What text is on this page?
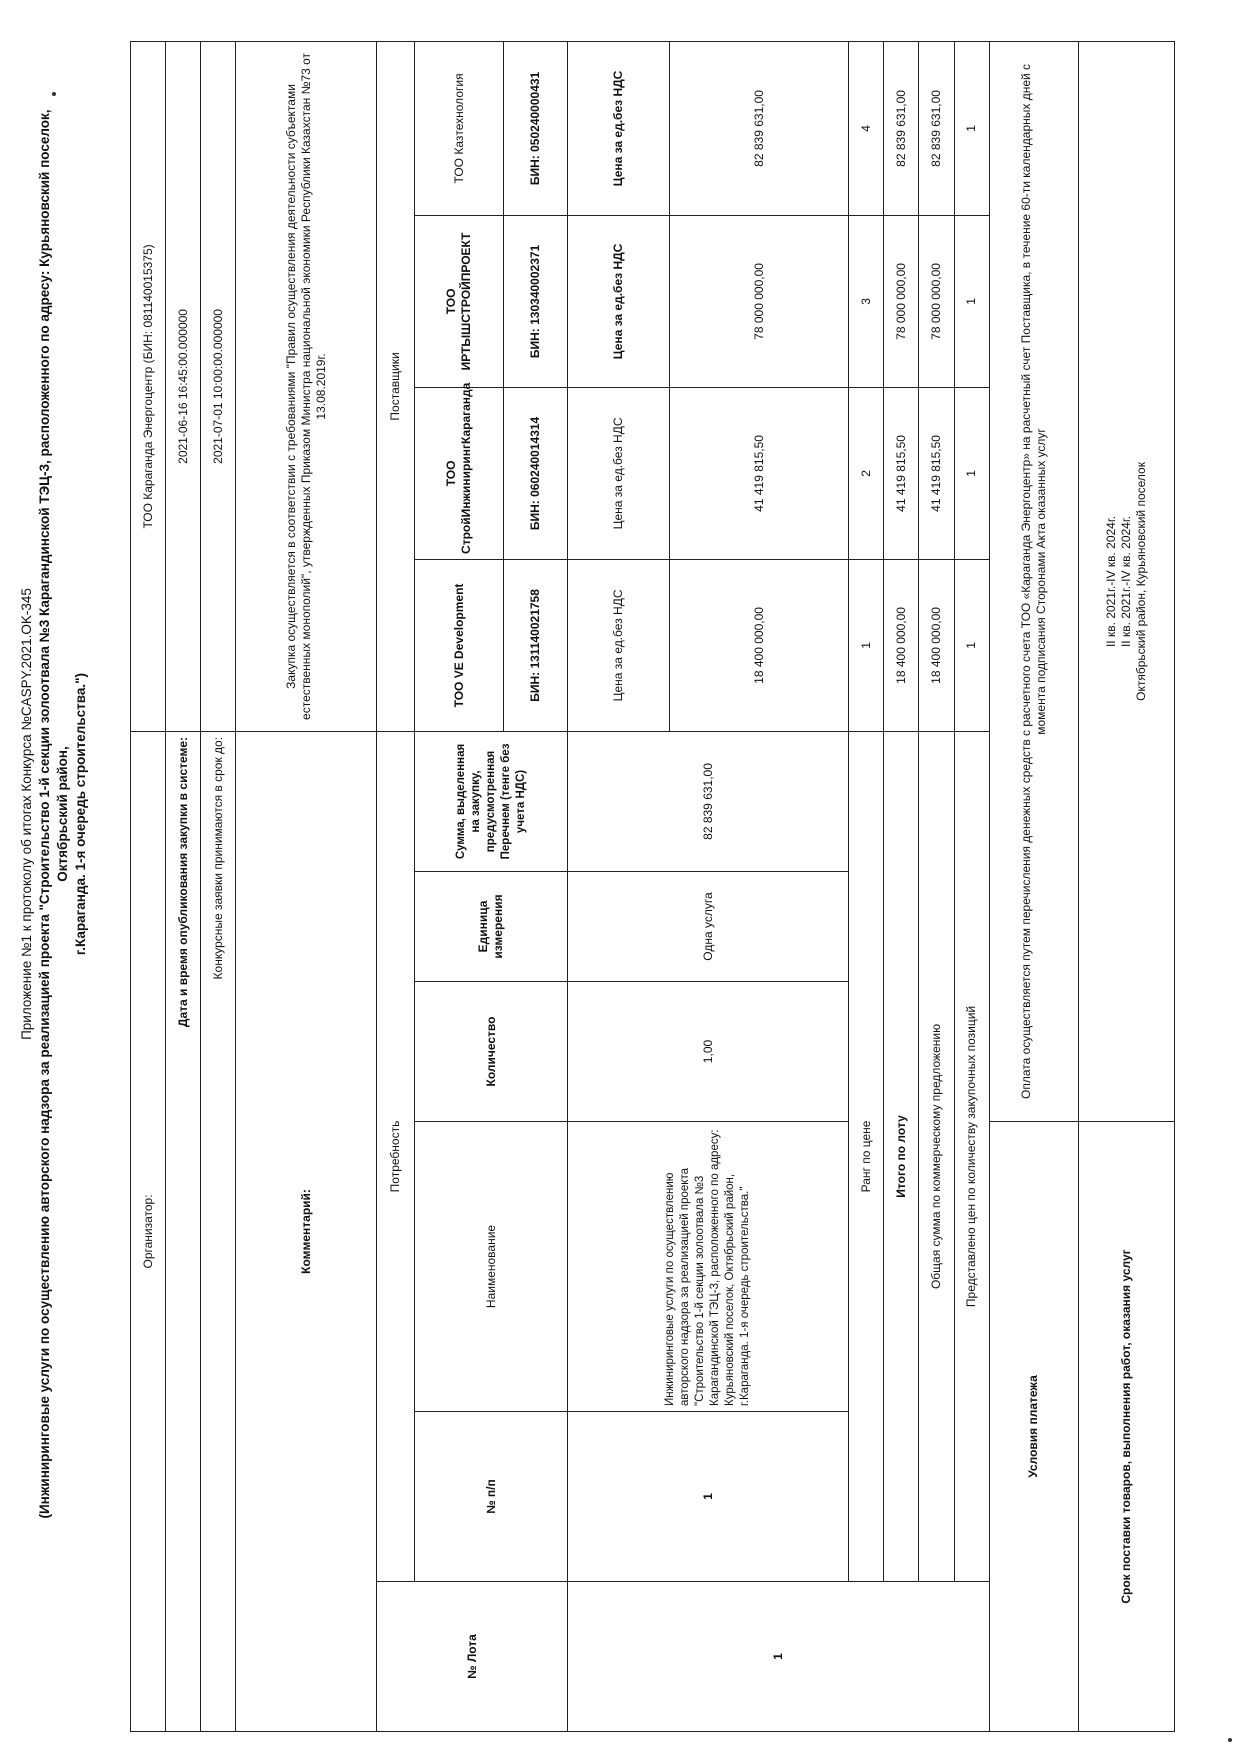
Приложение №1 к протоколу об итогах Конкурса №CASPY.2021.OK-345 (Инжиниринговые услуги по осуществлению авторского надзора за реализацией проекта "Строительство 1-й секции золоотвала №3 Карагандинской ТЭЦ-3, расположенного по адресу: Курьяновский поселок, Октябрьский район, г.Караганда. 1-я очередь строительства.")
Организатор:						ТОО Караганда Энергоцентр (БИН: 081140015375)			
Дата и время опубликования закупки в системе:						2021-06-16 16:45:00.000000			
Конкурсные заявки принимаются в срок до:						2021-07-01 10:00:00.000000			
Комментарий:						Закупка осуществляется в соответствии с требованиями "Правил осуществления деятельности субъектами естественных монополий", утвержденных Приказом Министра национальной экономики Республики Казахстан №73 от 13.08.2019г.			
№ Лота	Потребность					Поставщики			
	№ п/п	Наименование	Количество	Единица измерения	Сумма, выделенная на закупку, предусмотренная Перечнем (тенге без учета НДС)	ТОО VE Development	ТОО СтройИнжинирингКараганда	ТОО ИРТЫШСТРОЙПРОЕКТ	ТОО Казтехнология
						БИН: 131140021758	БИН: 060240014314	БИН: 130340002371	БИН: 050240000431
1	1	Инжиниринговые услуги по осуществлению авторского надзора за реализацией проекта "Строительство 1-й секции золоотвала №3 Карагандинской ТЭЦ-3, расположенного по адресу: Курьяновский поселок, Октябрьский район, г.Караганда. 1-я очередь строительства."	1,00	Одна услуга	82 839 631,00	Цена за ед.без НДС	Цена за ед.без НДС	Цена за ед.без НДС	Цена за ед.без НДС
						18 400 000,00	41 419 815,50	78 000 000,00	82 839 631,00
	Ранг по цене					1	2	3	4
	Итого по лоту					18 400 000,00	41 419 815,50	78 000 000,00	82 839 631,00
	Общая сумма по коммерческому предложению					18 400 000,00	41 419 815,50	78 000 000,00	82 839 631,00
	Представлено цен по количеству закупочных позиций					1	1	1	1
Условия платежа			Оплата осуществляется путем перечисления денежных средств с расчетного счета ТОО «Караганда Энергоцентр» на расчетный счет Поставщика, в течение 60-ти календарных дней с момента подписания Сторонами Акта оказанных услуг						
Срок поставки товаров, выполнения работ, оказания услуг			II кв. 2021г.-IV кв. 2024г. II кв. 2021г.-IV кв. 2024г. Октябрьский район, Курьяновский поселок						
